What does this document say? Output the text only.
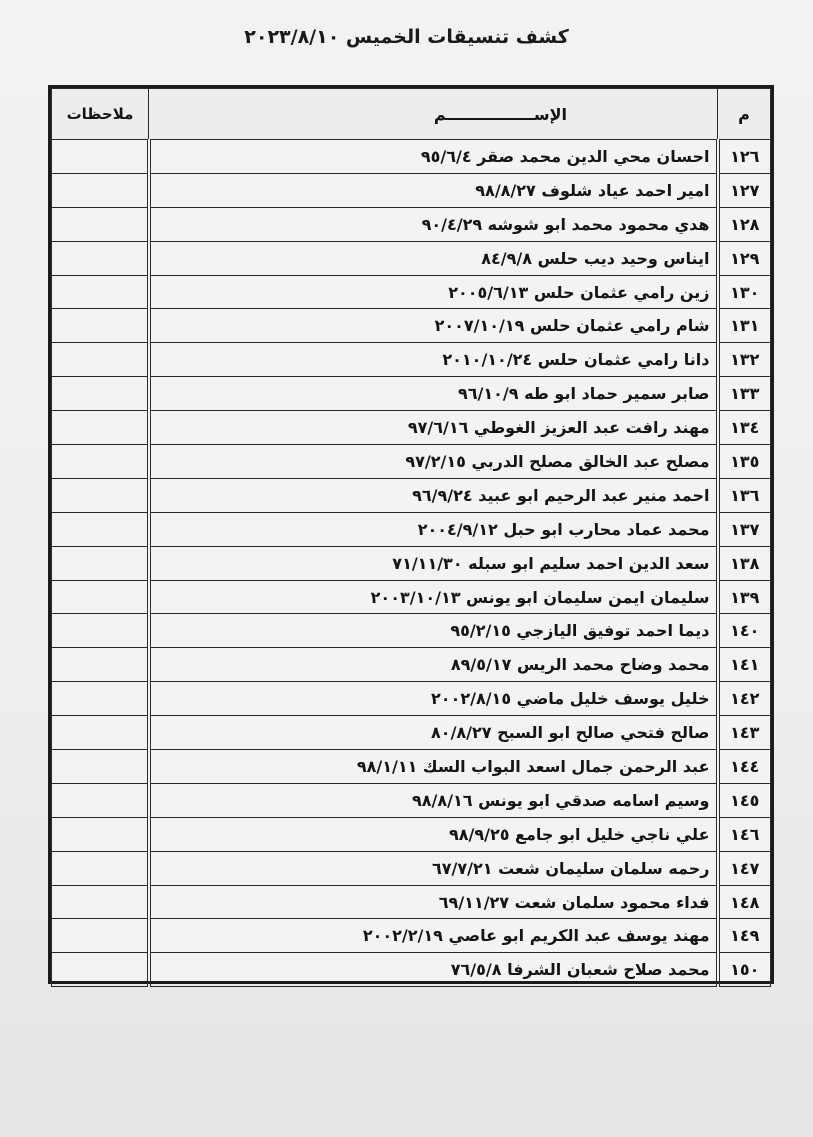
كشف تنسيقات الخميس ٢٠٢٣/٨/١٠
م	الإســــــــــــــــم	ملاحظات
١٢٦	احسان محي الدين محمد صقر ٩٥/٦/٤	
١٢٧	امير احمد عياد شلوف ٩٨/٨/٢٧	
١٢٨	هدي محمود محمد ابو شوشه ٩٠/٤/٢٩	
١٢٩	ايناس وحيد ديب حلس ٨٤/٩/٨	
١٣٠	زين رامي عثمان حلس ٢٠٠٥/٦/١٣	
١٣١	شام رامي عثمان حلس ٢٠٠٧/١٠/١٩	
١٣٢	دانا رامي عثمان حلس ٢٠١٠/١٠/٢٤	
١٣٣	صابر سمير حماد ابو طه ٩٦/١٠/٩	
١٣٤	مهند رافت عبد العزيز الغوطي ٩٧/٦/١٦	
١٣٥	مصلح عبد الخالق مصلح الدربي ٩٧/٢/١٥	
١٣٦	احمد منير عبد الرحيم ابو عبيد ٩٦/٩/٢٤	
١٣٧	محمد عماد محارب ابو حبل ٢٠٠٤/٩/١٢	
١٣٨	سعد الدين احمد سليم ابو سبله ٧١/١١/٣٠	
١٣٩	سليمان ايمن سليمان ابو يونس ٢٠٠٣/١٠/١٣	
١٤٠	ديما احمد توفيق اليازجي ٩٥/٢/١٥	
١٤١	محمد وضاح محمد الريس ٨٩/٥/١٧	
١٤٢	خليل يوسف خليل ماضي ٢٠٠٢/٨/١٥	
١٤٣	صالح فتحي صالح ابو السبح ٨٠/٨/٢٧	
١٤٤	عبد الرحمن جمال اسعد البواب السك ٩٨/١/١١	
١٤٥	وسيم اسامه صدقي ابو يونس ٩٨/٨/١٦	
١٤٦	علي ناجي خليل ابو جامع ٩٨/٩/٢٥	
١٤٧	رحمه سلمان سليمان شعت ٦٧/٧/٢١	
١٤٨	فداء محمود سلمان شعت ٦٩/١١/٢٧	
١٤٩	مهند يوسف عبد الكريم ابو عاصي ٢٠٠٢/٢/١٩	
١٥٠	محمد صلاح شعبان الشرفا ٧٦/٥/٨	
